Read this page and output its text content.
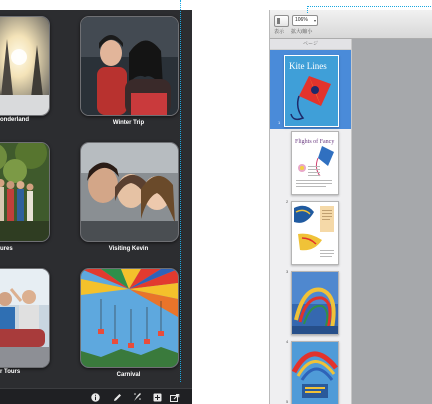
onderland	Winter Trip
ures	Visiting Kevin
r Tours	Carnival
106% ▾
表示 拡大/縮小
ページ
Kite Lines
1
Flights of Fancy
2
3
4
5
